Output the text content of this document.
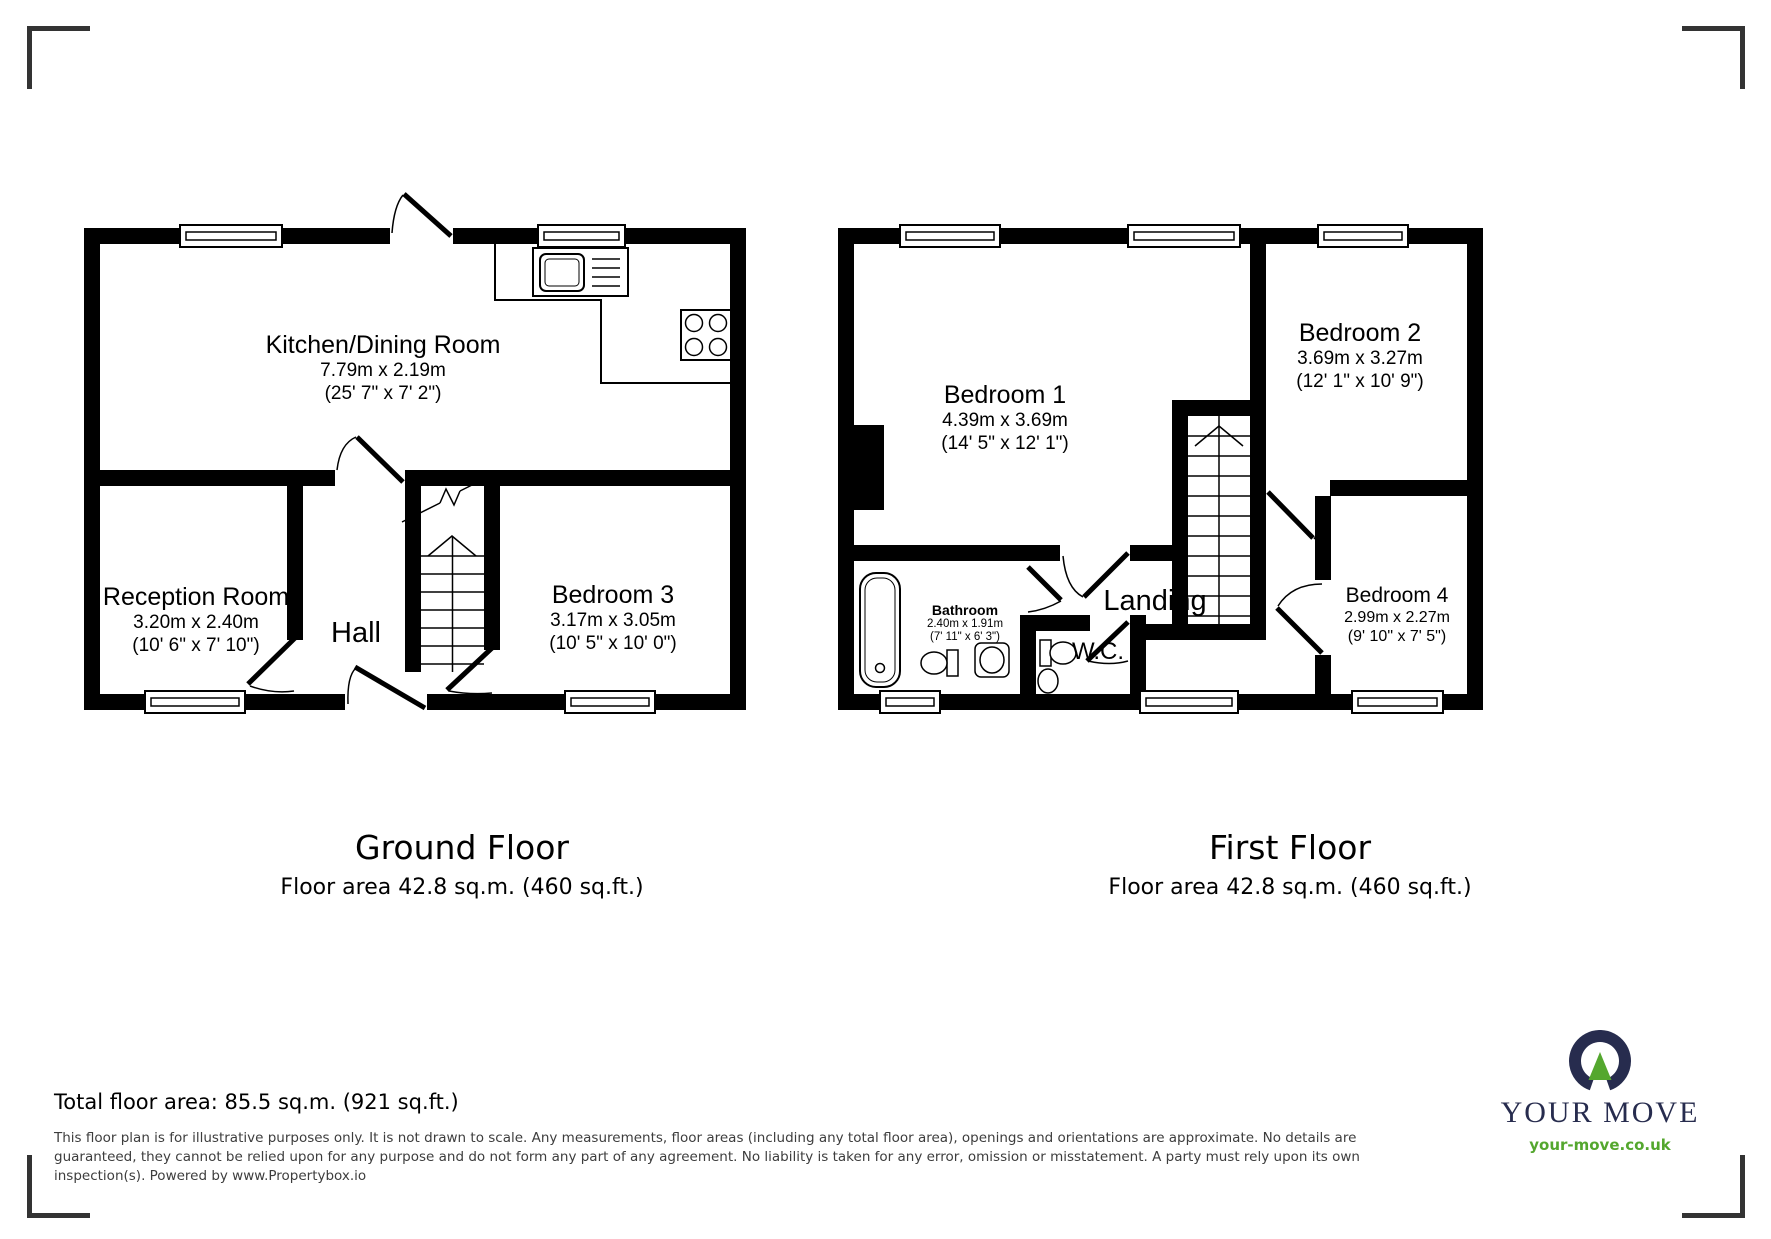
Kitchen/Dining Room
7.79m x 2.19m
(25' 7" x 7' 2")
Reception Room
3.20m x 2.40m
(10' 6" x 7' 10")	Hall
Bedroom 3
3.17m x 3.05m
(10' 5" x 10' 0")
Bedroom 1
4.39m x 3.69m
(14' 5" x 12' 1")
Bedroom 2
3.69m x 3.27m
(12' 1" x 10' 9")
Bathroom
2.40m x 1.91m
(7' 11" x 6' 3")
Landing
W.C.
Bedroom 4
2.99m x 2.27m
(9' 10" x 7' 5")
Ground Floor
Floor area 42.8 sq.m. (460 sq.ft.)
First Floor
Floor area 42.8 sq.m. (460 sq.ft.)
Total floor area: 85.5 sq.m. (921 sq.ft.)
This floor plan is for illustrative purposes only. It is not drawn to scale. Any measurements, floor areas (including any total floor area), openings and orientations are approximate. No details are
guaranteed, they cannot be relied upon for any purpose and do not form any part of any agreement. No liability is taken for any error, omission or misstatement. A party must rely upon its own
inspection(s). Powered by www.Propertybox.io
YOUR MOVE
your-move.co.uk
